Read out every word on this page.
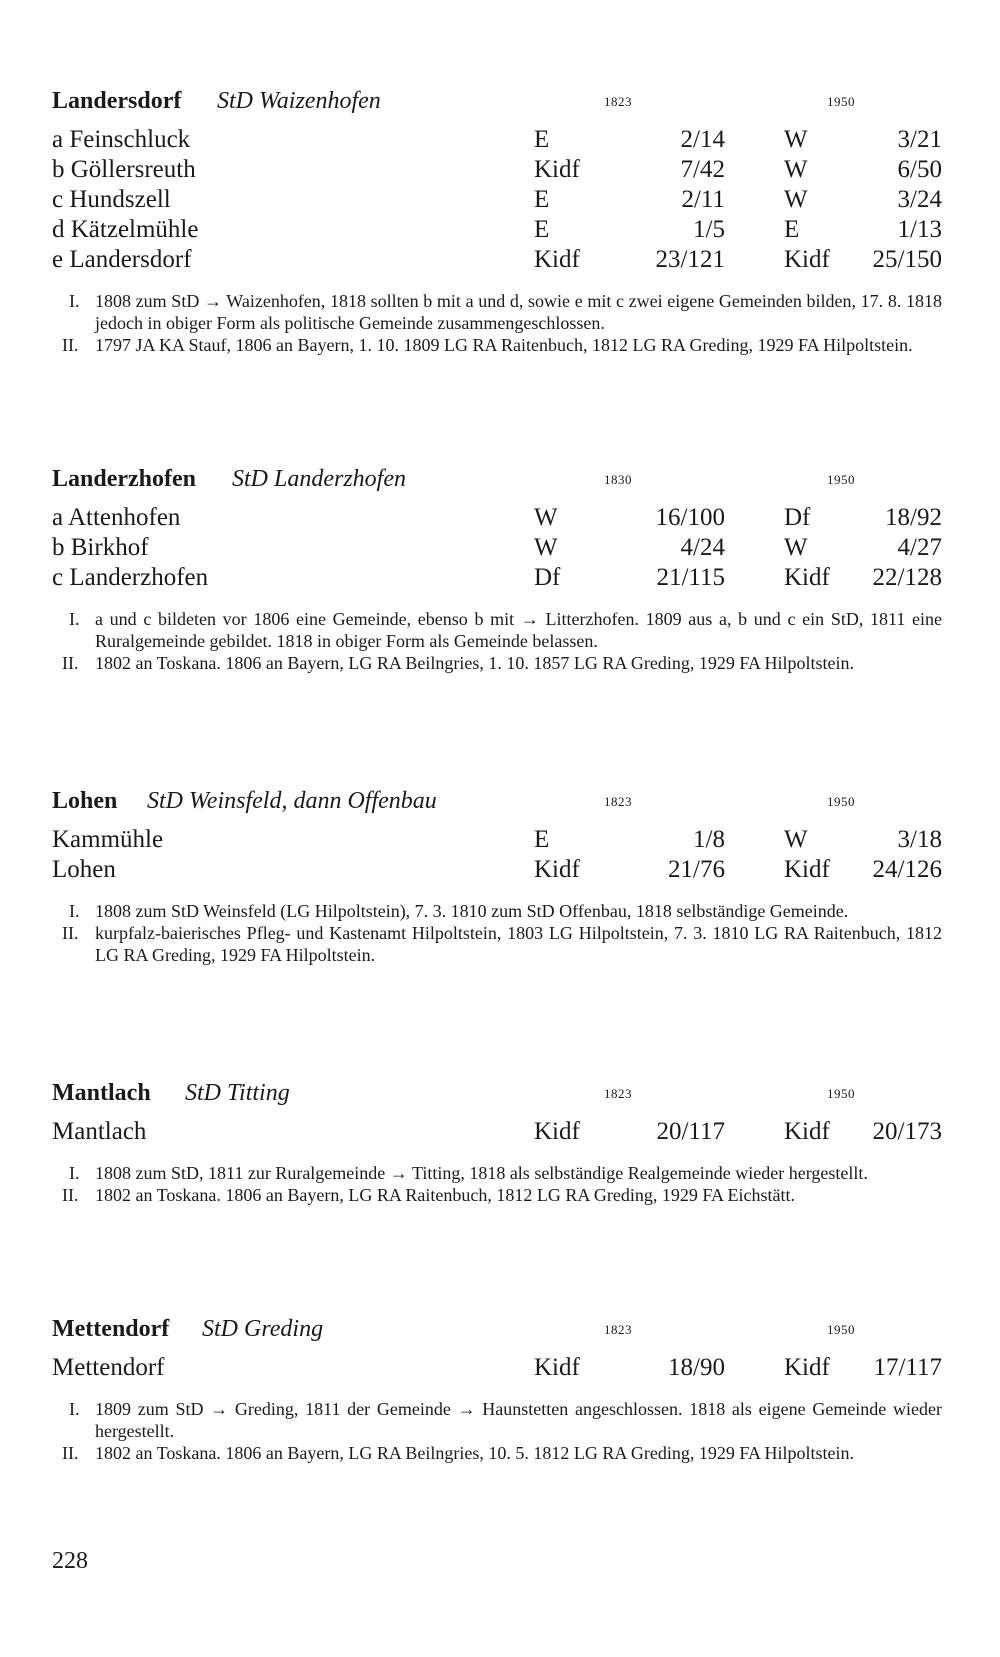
Landersdorf StD Waizenhofen	1823	1950
a Feinschluck	E	2/14 W	3/21
b Göllersreuth	Kidf	7/42 W	6/50
c Hundszell	E	2/11 W	3/24
d Kätzelmühle	E	1/5 E	1/13
e Landersdorf	Kidf	23/121 Kidf	25/150
I. 1808 zum StD → Waizenhofen, 1818 sollten b mit a und d, sowie e mit c zwei eigene Gemeinden bilden, 17. 8. 1818 jedoch in obiger Form als politische Gemeinde zusammengeschlossen.
II. 1797 JA KA Stauf, 1806 an Bayern, 1. 10. 1809 LG RA Raitenbuch, 1812 LG RA Greding, 1929 FA Hilpoltstein.
Landerzhofen StD Landerzhofen	1830	1950
a Attenhofen	W	16/100 Df	18/92
b Birkhof	W	4/24 W	4/27
c Landerzhofen	Df	21/115 Kidf	22/128
I. a und c bildeten vor 1806 eine Gemeinde, ebenso b mit → Litterzhofen. 1809 aus a, b und c ein StD, 1811 eine Ruralgemeinde gebildet. 1818 in obiger Form als Gemeinde belassen.
II. 1802 an Toskana. 1806 an Bayern, LG RA Beilngries, 1. 10. 1857 LG RA Greding, 1929 FA Hilpoltstein.
Lohen StD Weinsfeld, dann Offenbau	1823	1950
Kammühle	E	1/8 W	3/18
Lohen	Kidf	21/76 Kidf	24/126
I. 1808 zum StD Weinsfeld (LG Hilpoltstein), 7. 3. 1810 zum StD Offenbau, 1818 selbständige Gemeinde.
II. kurpfalz-baierisches Pfleg- und Kastenamt Hilpoltstein, 1803 LG Hilpoltstein, 7. 3. 1810 LG RA Raitenbuch, 1812 LG RA Greding, 1929 FA Hilpoltstein.
Mantlach StD Titting	1823	1950
Mantlach	Kidf	20/117 Kidf	20/173
I. 1808 zum StD, 1811 zur Ruralgemeinde → Titting, 1818 als selbständige Realgemeinde wieder hergestellt.
II. 1802 an Toskana. 1806 an Bayern, LG RA Raitenbuch, 1812 LG RA Greding, 1929 FA Eichstätt.
Mettendorf StD Greding	1823	1950
Mettendorf	Kidf	18/90 Kidf	17/117
I. 1809 zum StD → Greding, 1811 der Gemeinde → Haunstetten angeschlossen. 1818 als eigene Gemeinde wieder hergestellt.
II. 1802 an Toskana. 1806 an Bayern, LG RA Beilngries, 10. 5. 1812 LG RA Greding, 1929 FA Hilpoltstein.
228
